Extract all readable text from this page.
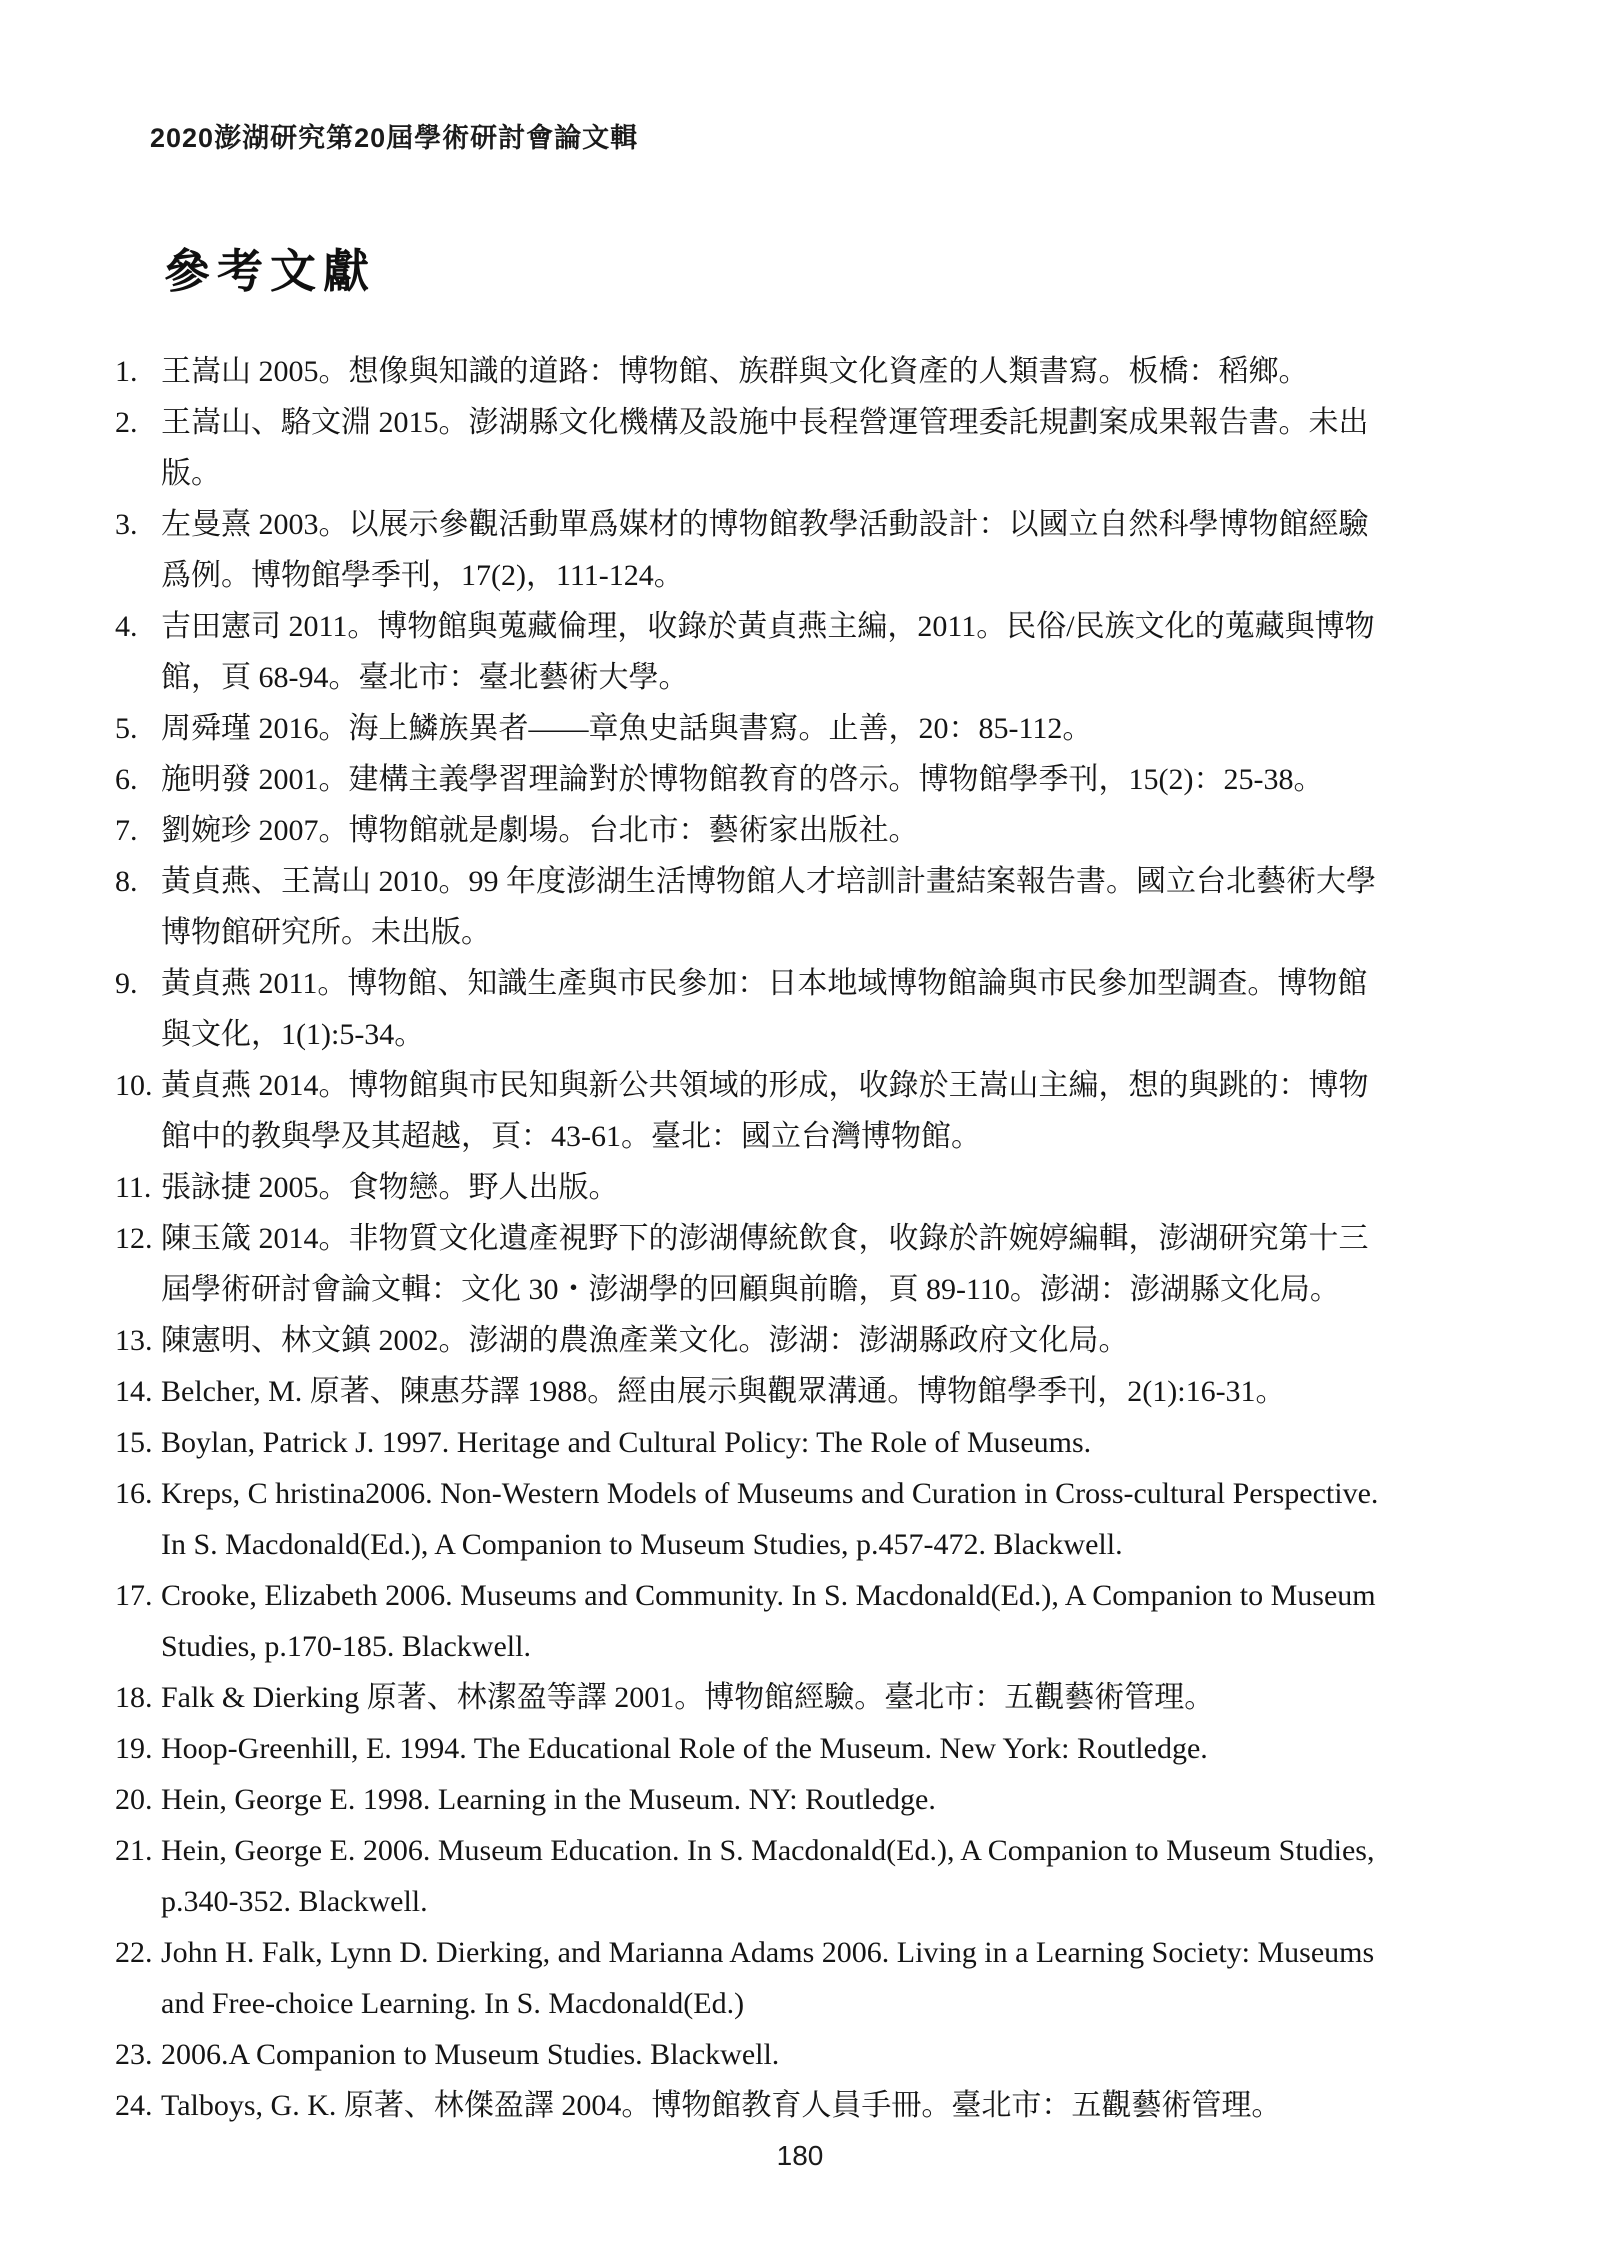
2020澎湖研究第20屆學術研討會論文輯
參考文獻
1. 王嵩山 2005。想像與知識的道路：博物館、族群與文化資產的人類書寫。板橋：稻鄉。
2. 王嵩山、駱文淵 2015。澎湖縣文化機構及設施中長程營運管理委託規劃案成果報告書。未出
版。
3. 左曼熹 2003。以展示參觀活動單爲媒材的博物館教學活動設計：以國立自然科學博物館經驗
爲例。博物館學季刊，17(2)，111-124。
4. 吉田憲司 2011。博物館與蒐藏倫理，收錄於黃貞燕主編，2011。民俗/民族文化的蒐藏與博物
館，頁 68-94。臺北市：臺北藝術大學。
5. 周舜瑾 2016。海上鱗族異者——章魚史話與書寫。止善，20：85-112。
6. 施明發 2001。建構主義學習理論對於博物館教育的啓示。博物館學季刊，15(2)：25-38。
7. 劉婉珍 2007。博物館就是劇場。台北市：藝術家出版社。
8. 黃貞燕、王嵩山 2010。99 年度澎湖生活博物館人才培訓計畫結案報告書。國立台北藝術大學
博物館研究所。未出版。
9. 黃貞燕 2011。博物館、知識生產與市民參加：日本地域博物館論與市民參加型調查。博物館
與文化，1(1):5-34。
10. 黃貞燕 2014。博物館與市民知與新公共領域的形成，收錄於王嵩山主編，想的與跳的：博物
館中的教與學及其超越，頁：43-61。臺北：國立台灣博物館。
11. 張詠捷 2005。食物戀。野人出版。
12. 陳玉箴 2014。非物質文化遺產視野下的澎湖傳統飲食，收錄於許婉婷編輯，澎湖研究第十三
屆學術研討會論文輯：文化 30・澎湖學的回顧與前瞻，頁 89-110。澎湖：澎湖縣文化局。
13. 陳憲明、林文鎮 2002。澎湖的農漁產業文化。澎湖：澎湖縣政府文化局。
14. Belcher, M. 原著、陳惠芬譯 1988。經由展示與觀眾溝通。博物館學季刊，2(1):16-31。
15. Boylan, Patrick J. 1997. Heritage and Cultural Policy: The Role of Museums.
16. Kreps, C hristina2006. Non-Western Models of Museums and Curation in Cross-cultural Perspective.
In S. Macdonald(Ed.), A Companion to Museum Studies, p.457-472. Blackwell.
17. Crooke, Elizabeth 2006. Museums and Community. In S. Macdonald(Ed.), A Companion to Museum
Studies, p.170-185. Blackwell.
18. Falk & Dierking 原著、林潔盈等譯 2001。博物館經驗。臺北市：五觀藝術管理。
19. Hoop-Greenhill, E. 1994. The Educational Role of the Museum. New York: Routledge.
20. Hein, George E. 1998. Learning in the Museum. NY: Routledge.
21. Hein, George E. 2006. Museum Education. In S. Macdonald(Ed.), A Companion to Museum Studies,
p.340-352. Blackwell.
22. John H. Falk, Lynn D. Dierking, and Marianna Adams 2006. Living in a Learning Society: Museums
and Free-choice Learning. In S. Macdonald(Ed.)
23. 2006.A Companion to Museum Studies. Blackwell.
24. Talboys, G. K. 原著、林傑盈譯 2004。博物館教育人員手冊。臺北市：五觀藝術管理。
180
